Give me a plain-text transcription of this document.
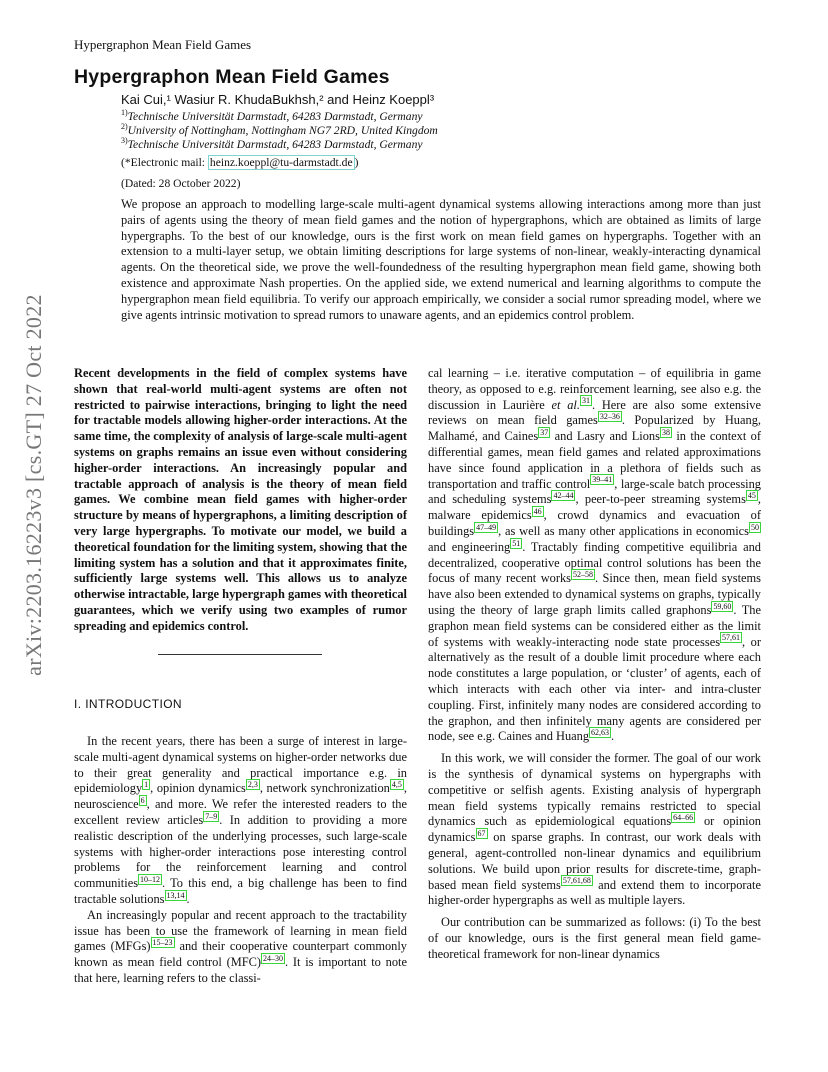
Hypergraphon Mean Field Games
arXiv:2203.16223v3 [cs.GT] 27 Oct 2022
Hypergraphon Mean Field Games
Kai Cui,¹ Wasiur R. KhudaBukhsh,² and Heinz Koeppl³
$^{1)}$Technische Universität Darmstadt, 64283 Darmstadt, Germany
$^{2)}$University of Nottingham, Nottingham NG7 2RD, United Kingdom
$^{3)}$Technische Universität Darmstadt, 64283 Darmstadt, Germany
(*Electronic mail: heinz.koeppl@tu-darmstadt.de )
(Dated: 28 October 2022)
We propose an approach to modelling large-scale multi-agent dynamical systems allowing interactions among more than just pairs of agents using the theory of mean field games and the notion of hypergraphons, which are obtained as limits of large hypergraphs. To the best of our knowledge, ours is the first work on mean field games on hypergraphs. Together with an extension to a multi-layer setup, we obtain limiting descriptions for large systems of non-linear, weakly-interacting dynamical agents. On the theoretical side, we prove the well-foundedness of the resulting hypergraphon mean field game, showing both existence and approximate Nash properties. On the applied side, we extend numerical and learning algorithms to compute the hypergraphon mean field equilibria. To verify our approach empirically, we consider a social rumor spreading model, where we give agents intrinsic motivation to spread rumors to unaware agents, and an epidemics control problem.
Recent developments in the field of complex systems have shown that real-world multi-agent systems are often not restricted to pairwise interactions, bringing to light the need for tractable models allowing higher-order interactions. At the same time, the complexity of analysis of large-scale multi-agent systems on graphs remains an issue even without considering higher-order interactions. An increasingly popular and tractable approach of analysis is the theory of mean field games. We combine mean field games with higher-order structure by means of hypergraphons, a limiting description of very large hypergraphs. To motivate our model, we build a theoretical foundation for the limiting system, showing that the limiting system has a solution and that it approximates finite, sufficiently large systems well. This allows us to analyze otherwise intractable, large hypergraph games with theoretical guarantees, which we verify using two examples of rumor spreading and epidemics control.
I. INTRODUCTION

In the recent years, there has been a surge of interest in large-scale multi-agent dynamical systems on higher-order networks due to their great generality and practical importance e.g. in epidemiology $^1$ , opinion dynamics $^{2,3}$ , network synchronization $^{4,5}$ , neuroscience $^6$ , and more. We refer the interested readers to the excellent review articles $^{7-9}$ . In addition to providing a more realistic description of the underlying processes, such large-scale systems with higher-order interactions pose interesting control problems for the reinforcement learning and control communities $^{10-12}$ . To this end, a big challenge has been to find tractable solutions $^{13,14}$ .

An increasingly popular and recent approach to the tractability issue has been to use the framework of learning in mean field games (MFGs) $^{15-23}$ and their cooperative counterpart commonly known as mean field control (MFC) $^{24-30}$ . It is important to note that here, learning refers to the classi-

cal learning – i.e. iterative computation – of equilibria in game theory, as opposed to e.g. reinforcement learning, see also e.g. the discussion in Laurière et al. $^{31}$ . Here are also some extensive reviews on mean field games $^{32-36}$ . Popularized by Huang, Malhamé, and Caines $^{37}$ and Lasry and Lions $^{38}$ in the context of differential games, mean field games and related approximations have since found application in a plethora of fields such as transportation and traffic control $^{39-41}$ , large-scale batch processing and scheduling systems $^{42-44}$ , peer-to-peer streaming systems $^{45}$ , malware epidemics $^{46}$ , crowd dynamics and evacuation of buildings $^{47-49}$ , as well as many other applications in economics $^{50}$ and engineering $^{51}$ . Tractably finding competitive equilibria and decentralized, cooperative optimal control solutions has been the focus of many recent works $^{52-58}$ . Since then, mean field systems have also been extended to dynamical systems on graphs, typically using the theory of large graph limits called graphons $^{59,60}$ . The graphon mean field systems can be considered either as the limit of systems with weakly-interacting node state processes $^{57,61}$ , or alternatively as the result of a double limit procedure where each node constitutes a large population, or ‘cluster’ of agents, each of which interacts with each other via inter- and intra-cluster coupling. First, infinitely many nodes are considered according to the graphon, and then infinitely many agents are considered per node, see e.g. Caines and Huang $^{62,63}$ .

In this work, we will consider the former. The goal of our work is the synthesis of dynamical systems on hypergraphs with competitive or selfish agents. Existing analysis of hypergraph mean field systems typically remains restricted to special dynamics such as epidemiological equations $^{64-66}$ or opinion dynamics $^{67}$ on sparse graphs. In contrast, our work deals with general, agent-controlled non-linear dynamics and equilibrium solutions. We build upon prior results for discrete-time, graph-based mean field systems $^{57,61,68}$ and extend them to incorporate higher-order hypergraphs as well as multiple layers.

Our contribution can be summarized as follows: (i) To the best of our knowledge, ours is the first general mean field game-theoretical framework for non-linear dynamics
